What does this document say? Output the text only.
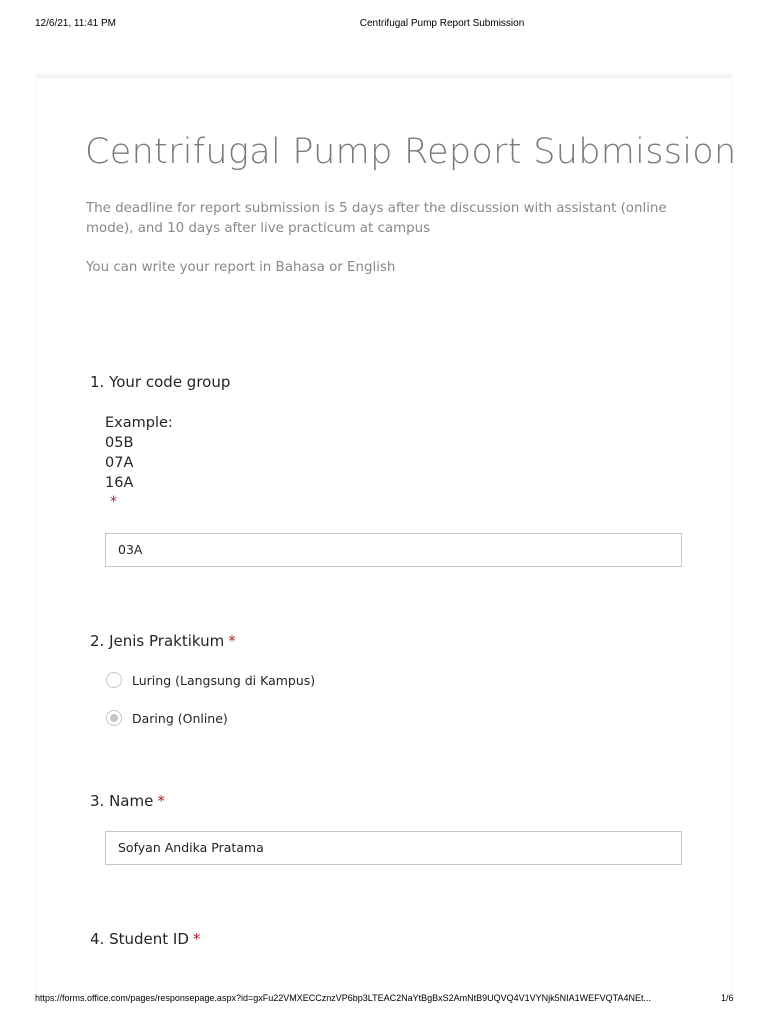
12/6/21, 11:41 PM	Centrifugal Pump Report Submission
Centrifugal Pump Report Submission
The deadline for report submission is 5 days after the discussion with assistant (online mode), and 10 days after live practicum at campus
You can write your report in Bahasa or English
1. Your code group
Example:
05B
07A
16A
*
03A
2. Jenis Praktikum *
Luring (Langsung di Kampus)
Daring (Online)
3. Name *
Sofyan Andika Pratama
4. Student ID *
https://forms.office.com/pages/responsepage.aspx?id=gxFu22VMXECCznzVP6bp3LTEAC2NaYtBgBxS2AmNtB9UQVQ4V1VYNjk5NIA1WEFVQTA4NEt...	1/6
